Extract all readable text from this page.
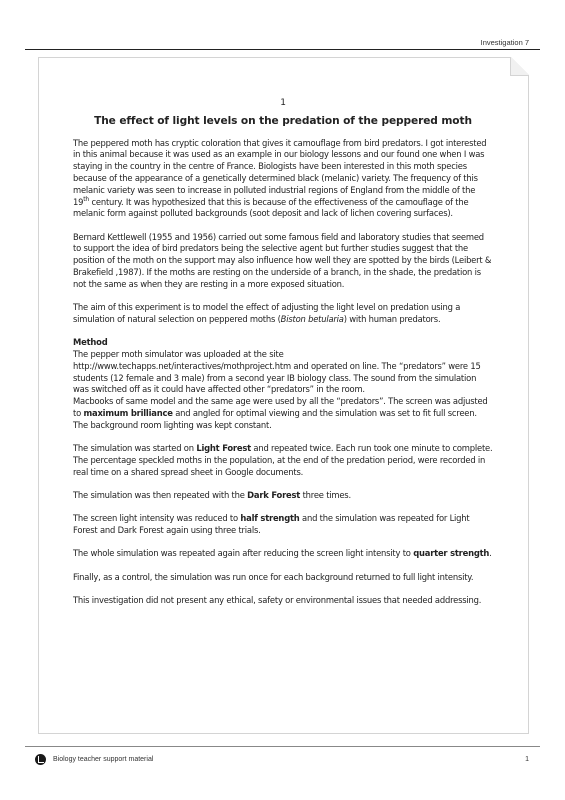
Investigation 7
1
The effect of light levels on the predation of the peppered moth

The peppered moth has cryptic coloration that gives it camouflage from bird predators. I got interested in this animal because it was used as an example in our biology lessons and our found one when I was staying in the country in the centre of France. Biologists have been interested in this moth species because of the appearance of a genetically determined black (melanic) variety. The frequency of this melanic variety was seen to increase in polluted industrial regions of England from the middle of the 19th century. It was hypothesized that this is because of the effectiveness of the camouflage of the melanic form against polluted backgrounds (soot deposit and lack of lichen covering surfaces).

Bernard Kettlewell (1955 and 1956) carried out some famous field and laboratory studies that seemed to support the idea of bird predators being the selective agent but further studies suggest that the position of the moth on the support may also influence how well they are spotted by the birds (Leibert & Brakefield ,1987). If the moths are resting on the underside of a branch, in the shade, the predation is not the same as when they are resting in a more exposed situation.

The aim of this experiment is to model the effect of adjusting the light level on predation using a simulation of natural selection on peppered moths (Biston betularia) with human predators.

Method
The pepper moth simulator was uploaded at the site http://www.techapps.net/interactives/mothproject.htm and operated on line. The “predators” were 15 students (12 female and 3 male) from a second year IB biology class. The sound from the simulation was switched off as it could have affected other “predators” in the room.

Macbooks of same model and the same age were used by all the “predators”. The screen was adjusted to maximum brilliance and angled for optimal viewing and the simulation was set to fit full screen. The background room lighting was kept constant.

The simulation was started on Light Forest and repeated twice. Each run took one minute to complete.

The percentage speckled moths in the population, at the end of the predation period, were recorded in real time on a shared spread sheet in Google documents.

The simulation was then repeated with the Dark Forest three times.

The screen light intensity was reduced to half strength and the simulation was repeated for Light Forest and Dark Forest again using three trials.

The whole simulation was repeated again after reducing the screen light intensity to quarter strength.

Finally, as a control, the simulation was run once for each background returned to full light intensity.

This investigation did not present any ethical, safety or environmental issues that needed addressing.

Biology teacher support material	1
